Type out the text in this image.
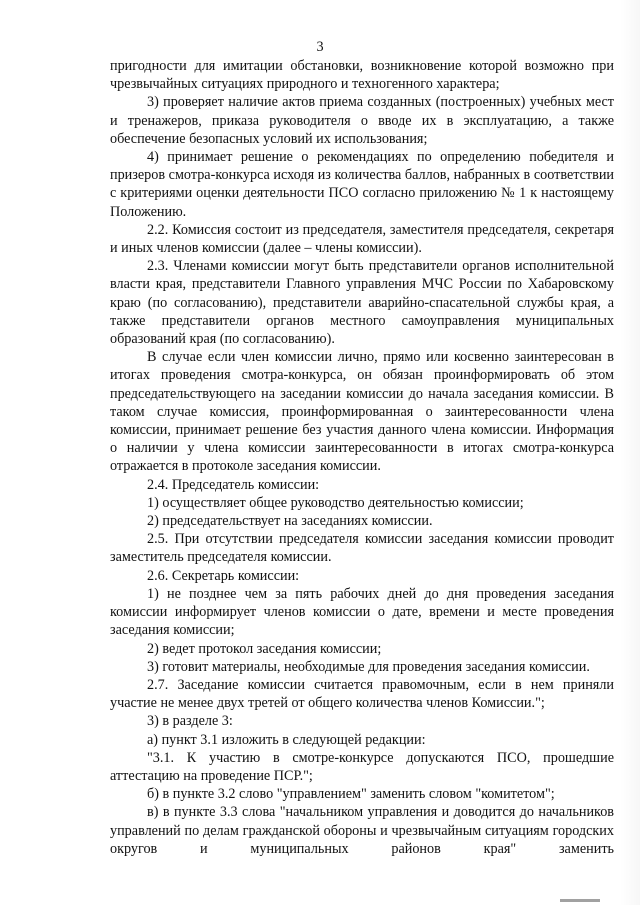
3

пригодности для имитации обстановки, возникновение которой возможно при чрезвычайных ситуациях природного и техногенного характера;

3) проверяет наличие актов приема созданных (построенных) учебных мест и тренажеров, приказа руководителя о вводе их в эксплуатацию, а также обеспечение безопасных условий их использования;

4) принимает решение о рекомендациях по определению победителя и призеров смотра-конкурса исходя из количества баллов, набранных в соответствии с критериями оценки деятельности ПСО согласно приложению № 1 к настоящему Положению.

2.2. Комиссия состоит из председателя, заместителя председателя, секретаря и иных членов комиссии (далее – члены комиссии).

2.3. Членами комиссии могут быть представители органов исполнительной власти края, представители Главного управления МЧС России по Хабаровскому краю (по согласованию), представители аварийно-спасательной службы края, а также представители органов местного самоуправления муниципальных образований края (по согласованию).

В случае если член комиссии лично, прямо или косвенно заинтересован в итогах проведения смотра-конкурса, он обязан проинформировать об этом председательствующего на заседании комиссии до начала заседания комиссии. В таком случае комиссия, проинформированная о заинтересованности члена комиссии, принимает решение без участия данного члена комиссии. Информация о наличии у члена комиссии заинтересованности в итогах смотра-конкурса отражается в протоколе заседания комиссии.

2.4. Председатель комиссии:

1) осуществляет общее руководство деятельностью комиссии;

2) председательствует на заседаниях комиссии.

2.5. При отсутствии председателя комиссии заседания комиссии проводит заместитель председателя комиссии.

2.6. Секретарь комиссии:

1) не позднее чем за пять рабочих дней до дня проведения заседания комиссии информирует членов комиссии о дате, времени и месте проведения заседания комиссии;

2) ведет протокол заседания комиссии;

3) готовит материалы, необходимые для проведения заседания комиссии.

2.7. Заседание комиссии считается правомочным, если в нем приняли участие не менее двух третей от общего количества членов Комиссии.";

3) в разделе 3:

а) пункт 3.1 изложить в следующей редакции:

"3.1. К участию в смотре-конкурсе допускаются ПСО, прошедшие аттестацию на проведение ПСР.";

б) в пункте 3.2 слово "управлением" заменить словом "комитетом";

в) в пункте 3.3 слова "начальником управления и доводится до начальников управлений по делам гражданской обороны и чрезвычайным ситуациям городских округов и муниципальных районов края" заменить
